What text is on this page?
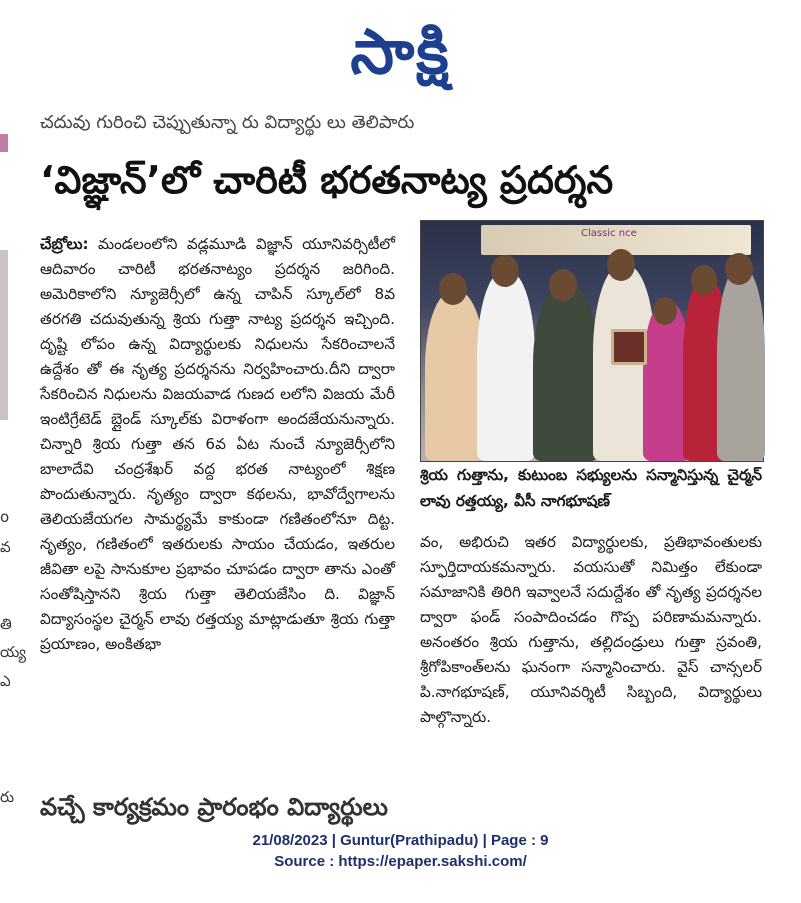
సాక్షి
o
వ
తి
య్య
ఎ
రు
చదువు గురించి చెప్పుతున్నా రు విద్యార్థు లు తెలిపారు
‘విజ్ఞాన్’లో చారిటీ భరతనాట్య ప్రదర్శన

చేబ్రోలు: మండలంలోని వడ్లమూడి విజ్ఞాన్ యూనివర్సిటీలో ఆదివారం చారిటీ భరతనాట్యం ప్రదర్శన జరిగింది. అమెరికాలోని న్యూజెర్సీలో ఉన్న చాపిన్ స్కూల్‌లో 8వ తరగతి చదువుతున్న శ్రియ గుత్తా నాట్య ప్రదర్శన ఇచ్చింది. దృష్టి లోపం ఉన్న విద్యార్థులకు నిధులను సేకరించాలనే ఉద్దేశం తో ఈ నృత్య ప్రదర్శనను నిర్వహించారు.దీని ద్వారా సేకరించిన నిధులను విజయవాడ గుణద లలోని విజయ మేరీ ఇంటిగ్రేటెడ్ బ్లైండ్ స్కూల్‌కు విరాళంగా అందజేయనున్నారు. చిన్నారి శ్రియ గుత్తా తన 6వ ఏట నుంచే న్యూజెర్సీలోని బాలాదేవి చంద్రశేఖర్ వద్ద భరత నాట్యంలో శిక్షణ పొందుతున్నారు. నృత్యం ద్వారా కథలను, భావోద్వేగాలను తెలియజేయగల సామర్థ్యమే కాకుండా గణితంలోనూ దిట్ట. నృత్యం, గణితంలో ఇతరులకు సాయం చేయడం, ఇతరుల జీవితా లపై సానుకూల ప్రభావం చూపడం ద్వారా తాను ఎంతో సంతోషిస్తానని శ్రియ గుత్తా తెలియజేసిం ది. విజ్ఞాన్ విద్యాసంస్థల చైర్మన్ లావు రత్తయ్య మాట్లాడుతూ శ్రియ గుత్తా ప్రయాణం, అంకితభా

Classic nce
శ్రియ గుత్తాను, కుటుంబ సభ్యులను సన్మానిస్తున్న చైర్మన్ లావు రత్తయ్య, వీసీ నాగభూషణ్

వం, అభిరుచి ఇతర విద్యార్థులకు, ప్రతిభావంతులకు స్ఫూర్తిదాయకమన్నారు. వయసుతో నిమిత్తం లేకుండా సమాజానికి తిరిగి ఇవ్వాలనే సదుద్దేశం తో నృత్య ప్రదర్శనల ద్వారా ఫండ్ సంపాదించడం గొప్ప పరిణామమన్నారు. అనంతరం శ్రియ గుత్తాను, తల్లిదండ్రులు గుత్తా స్రవంతి, శ్రీగోపికాంత్‌లను ఘనంగా సన్మానించారు. వైస్ చాన్సలర్ పి.నాగభూషణ్, యూనివర్శిటీ సిబ్బంది, విద్యార్థులు పాల్గొన్నారు.

వచ్చే కార్యక్రమం ప్రారంభం విద్యార్థులు
21/08/2023 | Guntur(Prathipadu) | Page : 9
Source : https://epaper.sakshi.com/
